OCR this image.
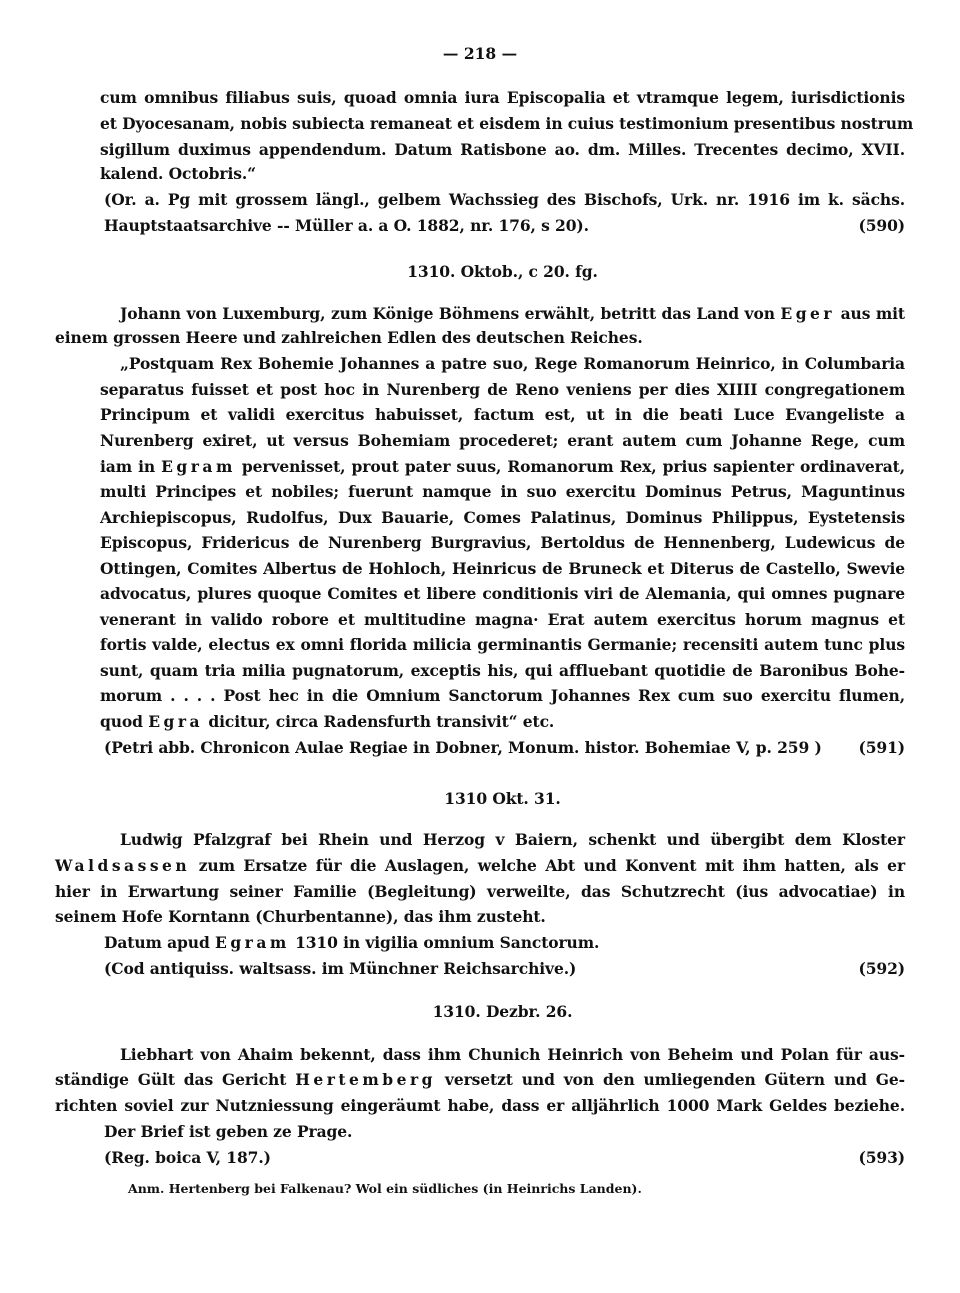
— 218 —
cum omnibus filiabus suis, quoad omnia iura Episcopalia et vtramque legem, iurisdictionis
et Dyocesanam, nobis subiecta remaneat et eisdem in cuius testimonium presentibus nostrum
sigillum duximus appendendum. Datum Ratisbone ao. dm. Milles. Trecentes decimo, XVII.
kalend. Octobris.“
(Or. a. Pg mit grossem längl., gelbem Wachssieg des Bischofs, Urk. nr. 1916 im k. sächs.
Hauptstaatsarchive -- Müller a. a O. 1882, nr. 176, s 20).	(590)
1310. Oktob., c 20. fg.
Johann von Luxemburg, zum Könige Böhmens erwählt, betritt das Land von Eger aus mit
einem grossen Heere und zahlreichen Edlen des deutschen Reiches.
„Postquam Rex Bohemie Johannes a patre suo, Rege Romanorum Heinrico, in Columbaria
separatus fuisset et post hoc in Nurenberg de Reno veniens per dies XIIII congregationem
Principum et validi exercitus habuisset, factum est, ut in die beati Luce Evangeliste a
Nurenberg exiret, ut versus Bohemiam procederet; erant autem cum Johanne Rege, cum
iam in Egram pervenisset, prout pater suus, Romanorum Rex, prius sapienter ordinaverat,
multi Principes et nobiles; fuerunt namque in suo exercitu Dominus Petrus, Maguntinus
Archiepiscopus, Rudolfus, Dux Bauarie, Comes Palatinus, Dominus Philippus, Eystetensis
Episcopus, Fridericus de Nurenberg Burgravius, Bertoldus de Hennenberg, Ludewicus de
Ottingen, Comites Albertus de Hohloch, Heinricus de Bruneck et Diterus de Castello, Swevie
advocatus, plures quoque Comites et libere conditionis viri de Alemania, qui omnes pugnare
venerant in valido robore et multitudine magna· Erat autem exercitus horum magnus et
fortis valde, electus ex omni florida milicia germinantis Germanie; recensiti autem tunc plus
sunt, quam tria milia pugnatorum, exceptis his, qui affluebant quotidie de Baronibus Bohe-
morum . . . . Post hec in die Omnium Sanctorum Johannes Rex cum suo exercitu flumen,
quod Egra dicitur, circa Radensfurth transivit“ etc.
(Petri abb. Chronicon Aulae Regiae in Dobner, Monum. histor. Bohemiae V, p. 259 ) (591)
1310 Okt. 31.
Ludwig Pfalzgraf bei Rhein und Herzog v Baiern, schenkt und übergibt dem Kloster
Waldsassen zum Ersatze für die Auslagen, welche Abt und Konvent mit ihm hatten, als er
hier in Erwartung seiner Familie (Begleitung) verweilte, das Schutzrecht (ius advocatiae) in
seinem Hofe Korntann (Churbentanne), das ihm zusteht.
Datum apud Egram 1310 in vigilia omnium Sanctorum.
(Cod antiquiss. waltsass. im Münchner Reichsarchive.)	(592)
1310. Dezbr. 26.
Liebhart von Ahaim bekennt, dass ihm Chunich Heinrich von Beheim und Polan für aus-
ständige Gült das Gericht Hertemberg versetzt und von den umliegenden Gütern und Ge-
richten soviel zur Nutzniessung eingeräumt habe, dass er alljährlich 1000 Mark Geldes beziehe.
Der Brief ist geben ze Prage.
(Reg. boica V, 187.)	(593)
Anm. Hertenberg bei Falkenau? Wol ein südliches (in Heinrichs Landen).
